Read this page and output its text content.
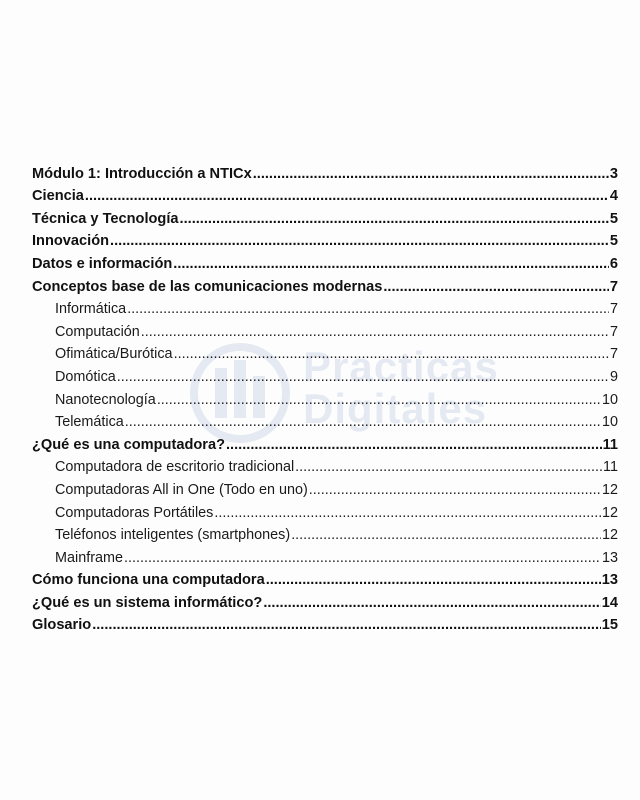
Practicas
Digitales
Módulo 1: Introducción a NTICx .....	3
Ciencia .....	4
Técnica y Tecnología .....	5
Innovación .....	5
Datos e información .....	6
Conceptos base de las comunicaciones modernas .....	7
Informática .....	7
Computación .....	7
Ofimática/Burótica .....	7
Domótica .....	9
Nanotecnología .....	10
Telemática .....	10
¿Qué es una computadora? .....	11
Computadora de escritorio tradicional .....	11
Computadoras All in One (Todo en uno) .....	12
Computadoras Portátiles .....	12
Teléfonos inteligentes (smartphones) .....	12
Mainframe .....	13
Cómo funciona una computadora .....	13
¿Qué es un sistema informático? .....	14
Glosario .....	15
